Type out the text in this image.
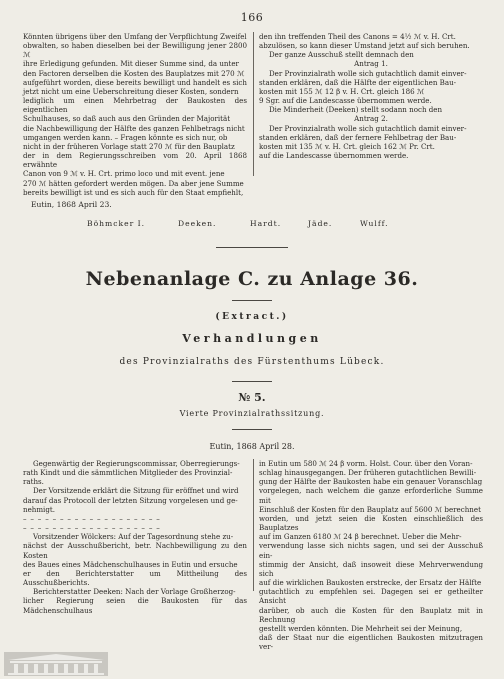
166

Könnten übrigens über den Umfang der Verpflichtung Zweifel

obwalten, so haben dieselben bei der Bewilligung jener 2800 ℳ

ihre Erledigung gefunden. Mit dieser Summe sind, da unter

den Factoren derselben die Kosten des Bauplatzes mit 270 ℳ

aufgeführt worden, diese bereits bewilligt und handelt es sich

jetzt nicht um eine Ueberschreitung dieser Kosten, sondern

lediglich um einen Mehrbetrag der Baukosten des eigentlichen

Schulhauses, so daß auch aus den Gründen der Majorität

die Nachbewilligung der Hälfte des ganzen Fehlbetrags nicht

umgangen werden kann. – Fragen könnte es sich nur, ob

nicht in der früheren Vorlage statt 270 ℳ für den Bauplatz

der in dem Regierungsschreiben vom 20. April 1868 erwähnte

Canon von 9 ℳ v. H. Crt. primo loco und mit event. jene

270 ℳ hätten gefordert werden mögen. Da aber jene Summe

bereits bewilligt ist und es sich auch für den Staat empfiehlt,

den ihn treffenden Theil des Canons = 4½ ℳ v. H. Crt.

abzulösen, so kann dieser Umstand jetzt auf sich beruhen.

Der ganze Ausschuß stellt demnach den

Antrag 1.

Der Provinzialrath wolle sich gutachtlich damit einver-

standen erklären, daß die Hälfte der eigentlichen Bau-

kosten mit 155 ℳ 12 β v. H. Crt. gleich 186 ℳ

9 Sgr. auf die Landescasse übernommen werde.

Die Minderheit (Deeken) stellt sodann noch den

Antrag 2.

Der Provinzialrath wolle sich gutachtlich damit einver-

standen erklären, daß der fernere Fehlbetrag der Bau-

kosten mit 135 ℳ v. H. Crt. gleich 162 ℳ Pr. Crt.

auf die Landescasse übernommen werde.

Eutin, 1868 April 23.
Böhmcker I.	Deeken.	Hardt.	Jäde.	Wulff.
Nebenanlage C. zu Anlage 36.
(Extract.)
Verhandlungen
des Provinzialraths des Fürstenthums Lübeck.
№ 5.
Vierte Provinzialrathssitzung.
Eutin, 1868 April 28.

Gegenwärtig der Regierungscommissar, Oberregierungs-

rath Kindt und die sämmtlichen Mitglieder des Provinzial-

raths.

Der Vorsitzende erklärt die Sitzung für eröffnet und wird

darauf das Protocoll der letzten Sitzung vorgelesen und ge-

nehmigt.

– – – – – – – – – – – – – – – – – – –

– – – – – – – – – – – – – – – – – – –

Vorsitzender Wölckers: Auf der Tagesordnung stehe zu-

nächst der Ausschußbericht, betr. Nachbewilligung zu den Kosten

des Baues eines Mädchenschulhauses in Eutin und ersuche

er den Berichterstatter um Mittheilung des Ausschußberichts.

Berichterstatter Deeken: Nach der Vorlage Großherzog-

licher Regierung seien die Baukosten für das Mädchenschulhaus

in Eutin um 580 ℳ 24 β vorm. Holst. Cour. über den Voran-

schlag hinausgegangen. Der früheren gutachtlichen Bewilli-

gung der Hälfte der Baukosten habe ein genauer Voranschlag

vorgelegen, nach welchem die ganze erforderliche Summe mit

Einschluß der Kosten für den Bauplatz auf 5600 ℳ berechnet

worden, und jetzt seien die Kosten einschließlich des Bauplatzes

auf im Ganzen 6180 ℳ 24 β berechnet. Ueber die Mehr-

verwendung lasse sich nichts sagen, und sei der Ausschuß ein-

stimmig der Ansicht, daß insoweit diese Mehrverwendung sich

auf die wirklichen Baukosten erstrecke, der Ersatz der Hälfte

gutachtlich zu empfehlen sei. Dagegen sei er getheilter Ansicht

darüber, ob auch die Kosten für den Bauplatz mit in Rechnung

gestellt werden könnten. Die Mehrheit sei der Meinung,

daß der Staat nur die eigentlichen Baukosten mitzutragen ver-
